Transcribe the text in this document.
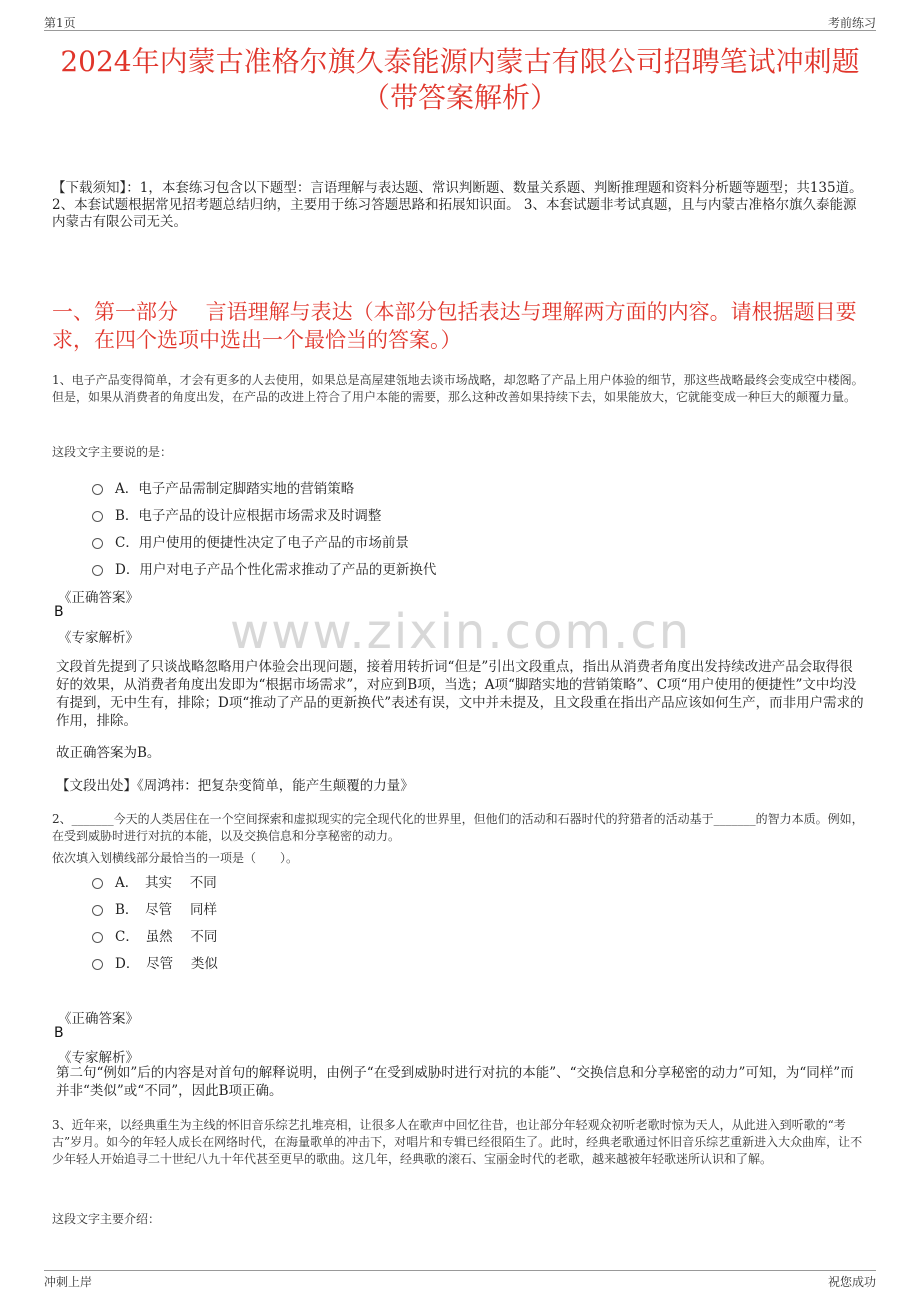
第1页	考前练习
2024年内蒙古准格尔旗久泰能源内蒙古有限公司招聘笔试冲刺题（带答案解析）
【下载须知】：1，本套练习包含以下题型：言语理解与表达题、常识判断题、数量关系题、判断推理题和资料分析题等题型；共135道。 2、本套试题根据常见招考题总结归纳，主要用于练习答题思路和拓展知识面。 3、本套试题非考试真题，且与内蒙古准格尔旗久泰能源内蒙古有限公司无关。
一、第一部分　 言语理解与表达（本部分包括表达与理解两方面的内容。请根据题目要求，在四个选项中选出一个最恰当的答案。）
1、电子产品变得简单，才会有更多的人去使用，如果总是高屋建瓴地去谈市场战略，却忽略了产品上用户体验的细节，那这些战略最终会变成空中楼阁。但是，如果从消费者的角度出发，在产品的改进上符合了用户本能的需要，那么这种改善如果持续下去，如果能放大，它就能变成一种巨大的颠覆力量。
这段文字主要说的是：
A．电子产品需制定脚踏实地的营销策略
B．电子产品的设计应根据市场需求及时调整
C．用户使用的便捷性决定了电子产品的市场前景
D．用户对电子产品个性化需求推动了产品的更新换代
《正确答案》
B
《专家解析》 www.zixin.com.cn
文段首先提到了只谈战略忽略用户体验会出现问题，接着用转折词“但是”引出文段重点，指出从消费者角度出发持续改进产品会取得很好的效果，从消费者角度出发即为“根据市场需求”，对应到B项，当选；A项“脚踏实地的营销策略”、C项“用户使用的便捷性”文中均没有提到，无中生有，排除；D项“推动了产品的更新换代”表述有误，文中并未提及，且文段重在指出产品应该如何生产，而非用户需求的作用，排除。
故正确答案为B。
【文段出处】《周鸿祎：把复杂变简单，能产生颠覆的力量》
2、_______今天的人类居住在一个空间探索和虚拟现实的完全现代化的世界里，但他们的活动和石器时代的狩猎者的活动基于_______的智力本质。例如，在受到威胁时进行对抗的本能，以及交换信息和分享秘密的动力。
依次填入划横线部分最恰当的一项是（　　）。
A．　其实　 不同
B．　尽管　 同样
C．　虽然　 不同
D．　尽管　 类似
《正确答案》
B
《专家解析》
第二句“例如”后的内容是对首句的解释说明，由例子“在受到威胁时进行对抗的本能”、“交换信息和分享秘密的动力”可知，为“同样”而并非“类似”或“不同”，因此B项正确。
3、近年来，以经典重生为主线的怀旧音乐综艺扎堆亮相，让很多人在歌声中回忆往昔，也让部分年轻观众初听老歌时惊为天人，从此进入到听歌的“考古”岁月。如今的年轻人成长在网络时代，在海量歌单的冲击下，对唱片和专辑已经很陌生了。此时，经典老歌通过怀旧音乐综艺重新进入大众曲库，让不少年轻人开始追寻二十世纪八九十年代甚至更早的歌曲。这几年，经典歌的滚石、宝丽金时代的老歌，越来越被年轻歌迷所认识和了解。
这段文字主要介绍：
冲刺上岸	祝您成功
